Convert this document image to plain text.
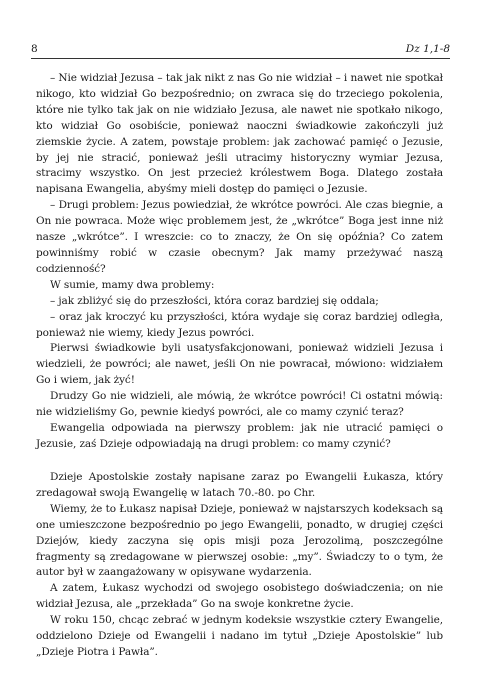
8	Dz 1,1-8

– Nie widział Jezusa – tak jak nikt z nas Go nie widział – i nawet nie spotkał nikogo, kto widział Go bezpośrednio; on zwraca się do trzeciego pokolenia, które nie tylko tak jak on nie widziało Jezusa, ale nawet nie spotkało nikogo, kto widział Go osobiście, ponieważ naoczni świadkowie zakończyli już ziemskie życie. A zatem, powstaje problem: jak zachować pamięć o Jezusie, by jej nie stracić, ponieważ jeśli utracimy historyczny wymiar Jezusa, stracimy wszystko. On jest przecież królestwem Boga. Dlatego została napisana Ewangelia, abyśmy mieli dostęp do pamięci o Jezusie.

– Drugi problem: Jezus powiedział, że wkrótce powróci. Ale czas biegnie, a On nie powraca. Może więc problemem jest, że „wkrótce” Boga jest inne niż nasze „wkrótce”. I wreszcie: co to znaczy, że On się opóźnia? Co zatem powinniśmy robić w czasie obecnym? Jak mamy przeżywać naszą codzienność?

W sumie, mamy dwa problemy:

– jak zbliżyć się do przeszłości, która coraz bardziej się oddala;

– oraz jak kroczyć ku przyszłości, która wydaje się coraz bardziej odległa, ponieważ nie wiemy, kiedy Jezus powróci.

Pierwsi świadkowie byli usatysfakcjonowani, ponieważ widzieli Jezusa i wiedzieli, że powróci; ale nawet, jeśli On nie powracał, mówiono: widziałem Go i wiem, jak żyć!

Drudzy Go nie widzieli, ale mówią, że wkrótce powróci! Ci ostatni mówią: nie widzieliśmy Go, pewnie kiedyś powróci, ale co mamy czynić teraz?

Ewangelia odpowiada na pierwszy problem: jak nie utracić pamięci o Jezusie, zaś Dzieje odpowiadają na drugi problem: co mamy czynić?

Dzieje Apostolskie zostały napisane zaraz po Ewangelii Łukasza, który zredagował swoją Ewangelię w latach 70.-80. po Chr.

Wiemy, że to Łukasz napisał Dzieje, ponieważ w najstarszych kodeksach są one umieszczone bezpośrednio po jego Ewangelii, ponadto, w drugiej części Dziejów, kiedy zaczyna się opis misji poza Jerozolimą, poszczególne fragmenty są zredagowane w pierwszej osobie: „my”. Świadczy to o tym, że autor był w zaangażowany w opisywane wydarzenia.

A zatem, Łukasz wychodzi od swojego osobistego doświadczenia; on nie widział Jezusa, ale „przekłada” Go na swoje konkretne życie.

W roku 150, chcąc zebrać w jednym kodeksie wszystkie cztery Ewangelie, oddzielono Dzieje od Ewangelii i nadano im tytuł „Dzieje Apostolskie” lub „Dzieje Piotra i Pawła”.
